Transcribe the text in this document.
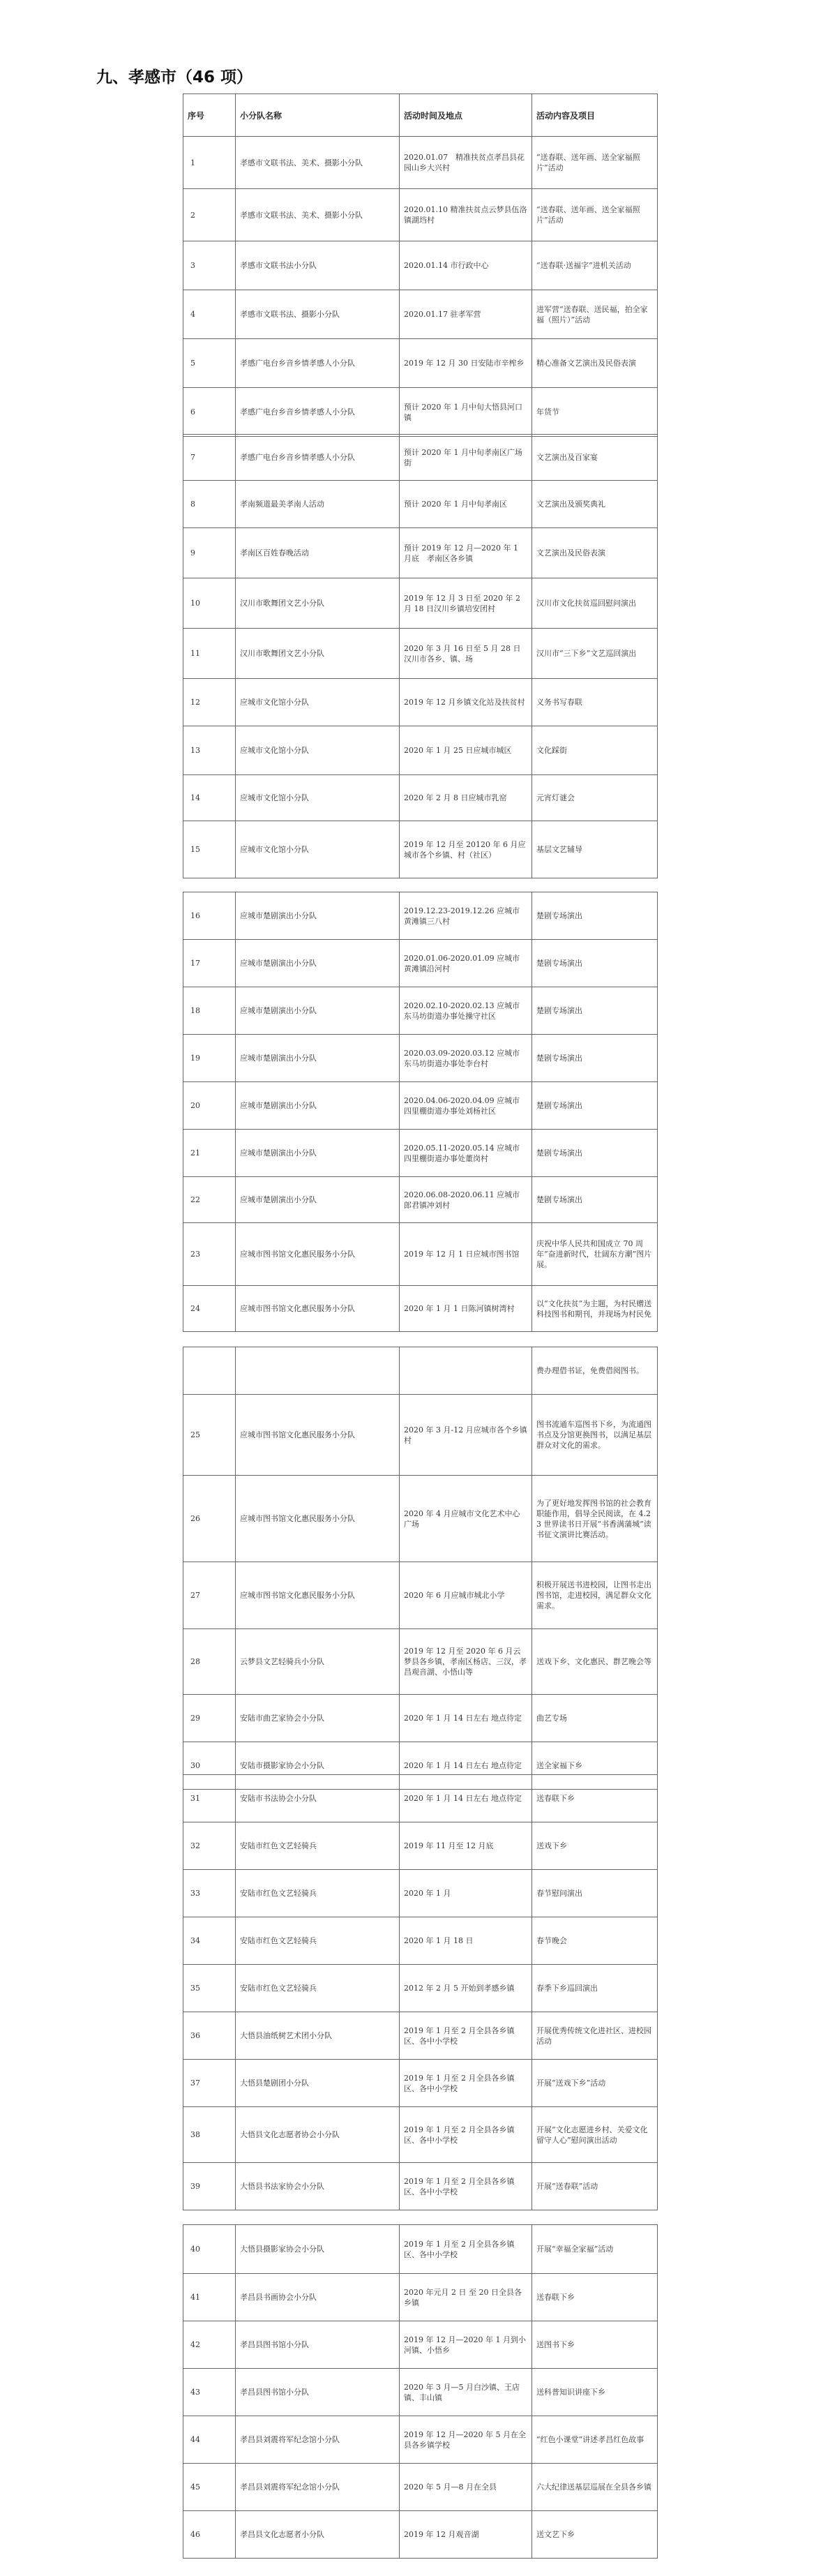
九、孝感市（46 项）
序号	小分队名称	活动时间及地点	活动内容及项目
1	孝感市文联书法、美术、摄影小分队	2020.01.07　精准扶贫点孝昌县花园山乡大兴村	“送春联、送年画、送全家福照片”活动
2	孝感市文联书法、美术、摄影小分队	2020.01.10 精准扶贫点云梦县伍洛镇湖垱村	“送春联、送年画、送全家福照片”活动
3	孝感市文联书法小分队	2020.01.14 市行政中心	“送春联·送福字”进机关活动
4	孝感市文联书法、摄影小分队	2020.01.17 驻孝军营	进军营“送春联、送民福，拍全家福（照片）”活动
5	孝感广电台乡音乡情孝感人小分队	2019 年 12 月 30 日安陆市辛榨乡	精心准备文艺演出及民俗表演
6	孝感广电台乡音乡情孝感人小分队	预计 2020 年 1 月中旬大悟县河口镇	年货节
7	孝感广电台乡音乡情孝感人小分队	预计 2020 年 1 月中旬孝南区广场街	文艺演出及百家宴
8	孝南频道最美孝南人活动	预计 2020 年 1 月中旬孝南区	文艺演出及颁奖典礼
9	孝南区百姓春晚活动	预计 2019 年 12 月—2020 年 1 月底　孝南区各乡镇	文艺演出及民俗表演
10	汉川市歌舞团文艺小分队	2019 年 12 月 3 日至 2020 年 2 月 18 日汉川乡镇培安团村	汉川市文化扶贫巡回慰问演出
11	汉川市歌舞团文艺小分队	2020 年 3 月 16 日至 5 月 28 日　汉川市各乡、镇、场	汉川市“三下乡”文艺巡回演出
12	应城市文化馆小分队	2019 年 12 月乡镇文化站及扶贫村	义务书写春联
13	应城市文化馆小分队	2020 年 1 月 25 日应城市城区	文化踩街
14	应城市文化馆小分队	2020 年 2 月 8 日应城市乳窑	元宵灯谜会
15	应城市文化馆小分队	2019 年 12 月至 20120 年 6 月应城市各个乡镇、村（社区）	基层文艺辅导
16	应城市楚剧演出小分队	2019.12.23-2019.12.26 应城市黄滩镇三八村	楚剧专场演出
17	应城市楚剧演出小分队	2020.01.06-2020.01.09 应城市黄滩镇沿河村	楚剧专场演出
18	应城市楚剧演出小分队	2020.02.10-2020.02.13 应城市东马坊街道办事处操守社区	楚剧专场演出
19	应城市楚剧演出小分队	2020.03.09-2020.03.12 应城市东马坊街道办事处李台村	楚剧专场演出
20	应城市楚剧演出小分队	2020.04.06-2020.04.09 应城市四里棚街道办事处刘杨社区	楚剧专场演出
21	应城市楚剧演出小分队	2020.05.11-2020.05.14 应城市四里棚街道办事处董岗村	楚剧专场演出
22	应城市楚剧演出小分队	2020.06.08-2020.06.11 应城市郎君镇冲刘村	楚剧专场演出
23	应城市图书馆文化惠民服务小分队	2019 年 12 月 1 日应城市图书馆	庆祝中华人民共和国成立 70 周年“奋进新时代，壮阔东方潮”图片展。
24	应城市图书馆文化惠民服务小分队	2020 年 1 月 1 日陈河镇树湾村	以“文化扶贫”为主题，为村民赠送科技图书和期刊，并现场为村民免
			费办理借书证，免费借阅图书。
25	应城市图书馆文化惠民服务小分队	2020 年 3 月-12 月应城市各个乡镇村	图书流通车巡图书下乡，为流通图书点及分馆更换图书，以满足基层群众对文化的需求。
26	应城市图书馆文化惠民服务小分队	2020 年 4 月应城市文化艺术中心广场	为了更好地发挥图书馆的社会教育职能作用，倡导全民阅读，在 4.23 世界读书日开展“书香满蒲城”读书征文演讲比赛活动。
27	应城市图书馆文化惠民服务小分队	2020 年 6 月应城市城北小学	积极开展送书进校园，让图书走出图书馆，走进校园，满足群众文化需求。
28	云梦县文艺轻骑兵小分队	2019 年 12 月至 2020 年 6 月云梦县各乡镇，孝南区杨店、三汊，孝昌观音湖、小悟山等	送戏下乡、文化惠民、群艺晚会等
29	安陆市曲艺家协会小分队	2020 年 1 月 14 日左右 地点待定	曲艺专场
30	安陆市摄影家协会小分队	2020 年 1 月 14 日左右 地点待定	送全家福下乡
31	安陆市书法协会小分队	2020 年 1 月 14 日左右 地点待定	送春联下乡
32	安陆市红色文艺轻骑兵	2019 年 11 月至 12 月底	送戏下乡
33	安陆市红色文艺轻骑兵	2020 年 1 月	春节慰问演出
34	安陆市红色文艺轻骑兵	2020 年 1 月 18 日	春节晚会
35	安陆市红色文艺轻骑兵	2012 年 2 月 5 开始到孝感乡镇	春季下乡巡回演出
36	大悟县油纸树艺术团小分队	2019 年 1 月至 2 月全县各乡镇区、各中小学校	开展优秀传统文化进社区、进校园活动
37	大悟县楚剧团小分队	2019 年 1 月至 2 月全县各乡镇区、各中小学校	开展“送戏下乡”活动
38	大悟县文化志愿者协会小分队	2019 年 1 月至 2 月全县各乡镇区、各中小学校	开展“文化志愿进乡村、关爱文化留守人心”慰问演出活动
39	大悟县书法家协会小分队	2019 年 1 月至 2 月全县各乡镇区、各中小学校	开展“送春联”活动
40	大悟县摄影家协会小分队	2019 年 1 月至 2 月全县各乡镇区、各中小学校	开展“幸福全家福”活动
41	孝昌县书画协会小分队	2020 年元月 2 日 至 20 日全县各乡镇	送春联下乡
42	孝昌县图书馆小分队	2019 年 12 月—2020 年 1 月到小河镇、小悟乡	送图书下乡
43	孝昌县图书馆小分队	2020 年 3 月—5 月白沙镇、王店镇、丰山镇	送科普知识讲座下乡
44	孝昌县刘震将军纪念馆小分队	2019 年 12 月—2020 年 5 月在全县各乡镇学校	“红色小课堂”讲述孝昌红色故事
45	孝昌县刘震将军纪念馆小分队	2020 年 5 月—8 月在全县	六大纪律送基层巡展在全县各乡镇
46	孝昌县文化志愿者小分队	2019 年 12 月观音湖	送文艺下乡
